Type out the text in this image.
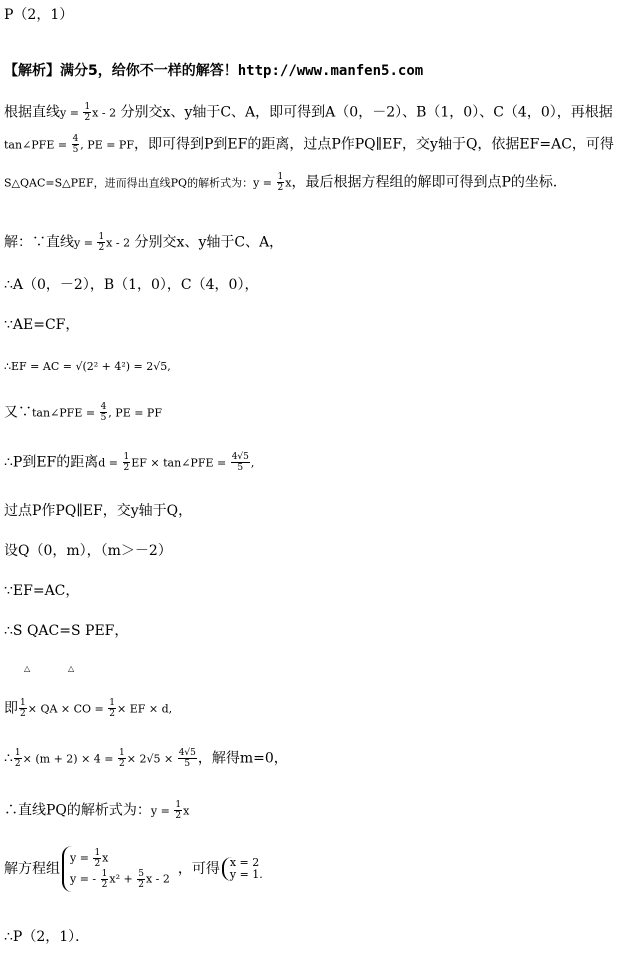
P（2，1）
【解析】满分5，给你不一样的解答！http://www.manfen5.com
根据直线$y = \frac{1}{2}$ x - 2 分别交x、y轴于C、A，即可得到A（0，－2）、B（1，0）、C（4，0），再根据
tan∠PFE = $\frac{4}{5}$ , PE = PF，即可得到P到EF的距离，过点P作PQ∥EF，交y轴于Q，依据EF=AC，可得
S△QAC=S△PEF，进而得出直线PQ的解析式为：$y = \frac{1}{2}$ x，最后根据方程组的解即可得到点P的坐标．
解：∵直线$y = \frac{1}{2}$ x - 2 分别交x、y轴于C、A，
∴A（0，－2），B（1，0），C（4，0），
∵AE=CF，
∴EF = AC = √(2² + 4²) = 2√5,
又∵tan∠PFE = $\frac{4}{5}$ , PE = PF
∴P到EF的距离$d = \frac{1}{2}$ EF × tan∠PFE = $\frac{4√5}{5}$ ,
过点P作PQ∥EF，交y轴于Q，
设Q（0，m），（m＞－2）
∵EF=AC，
∴S QAC=S PEF，
△	△
即 $\frac{1}{2}$ × QA × CO = $\frac{1}{2}$ × EF × d,
∴ $\frac{1}{2} \times (m + 2) \times 4 = \frac{1}{2} \times 2√5 \times \frac{4√5}{5}$ ，解得m=0，
∴直线PQ的解析式为：$y = \frac{1}{2}$ x
解方程组
$y = \frac{1}{2}$ x
y = - $\frac{1}{2} x^2 + \frac{5}{2}$ x - 2
，可得 x = 2
y = 1.
∴P（2，1）．
